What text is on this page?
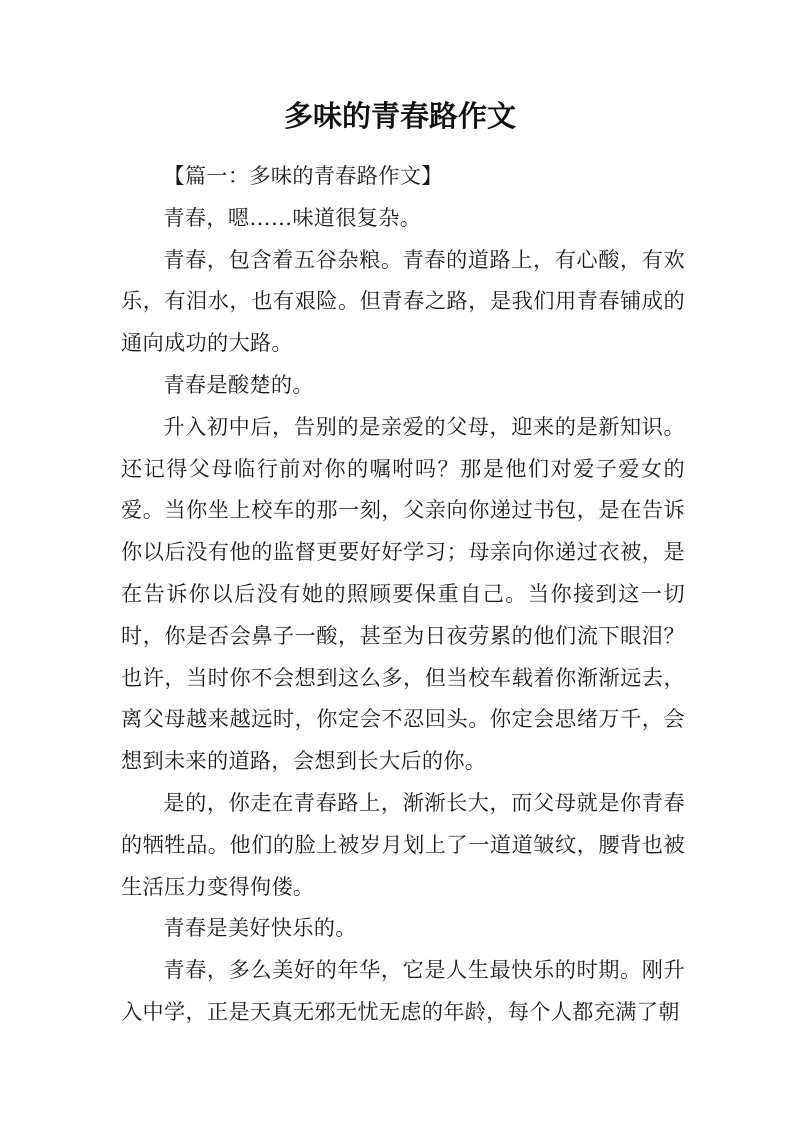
多味的青春路作文

【篇一：多味的青春路作文】

青春，嗯……味道很复杂。

青春，包含着五谷杂粮。青春的道路上，有心酸，有欢乐，有泪水，也有艰险。但青春之路，是我们用青春铺成的通向成功的大路。

青春是酸楚的。

升入初中后，告别的是亲爱的父母，迎来的是新知识。还记得父母临行前对你的嘱咐吗？那是他们对爱子爱女的爱。当你坐上校车的那一刻，父亲向你递过书包，是在告诉你以后没有他的监督更要好好学习；母亲向你递过衣被，是在告诉你以后没有她的照顾要保重自己。当你接到这一切时，你是否会鼻子一酸，甚至为日夜劳累的他们流下眼泪？也许，当时你不会想到这么多，但当校车载着你渐渐远去，离父母越来越远时，你定会不忍回头。你定会思绪万千，会想到未来的道路，会想到长大后的你。

是的，你走在青春路上，渐渐长大，而父母就是你青春的牺牲品。他们的脸上被岁月划上了一道道皱纹，腰背也被生活压力变得佝偻。

青春是美好快乐的。

青春，多么美好的年华，它是人生最快乐的时期。刚升入中学，正是天真无邪无忧无虑的年龄，每个人都充满了朝
